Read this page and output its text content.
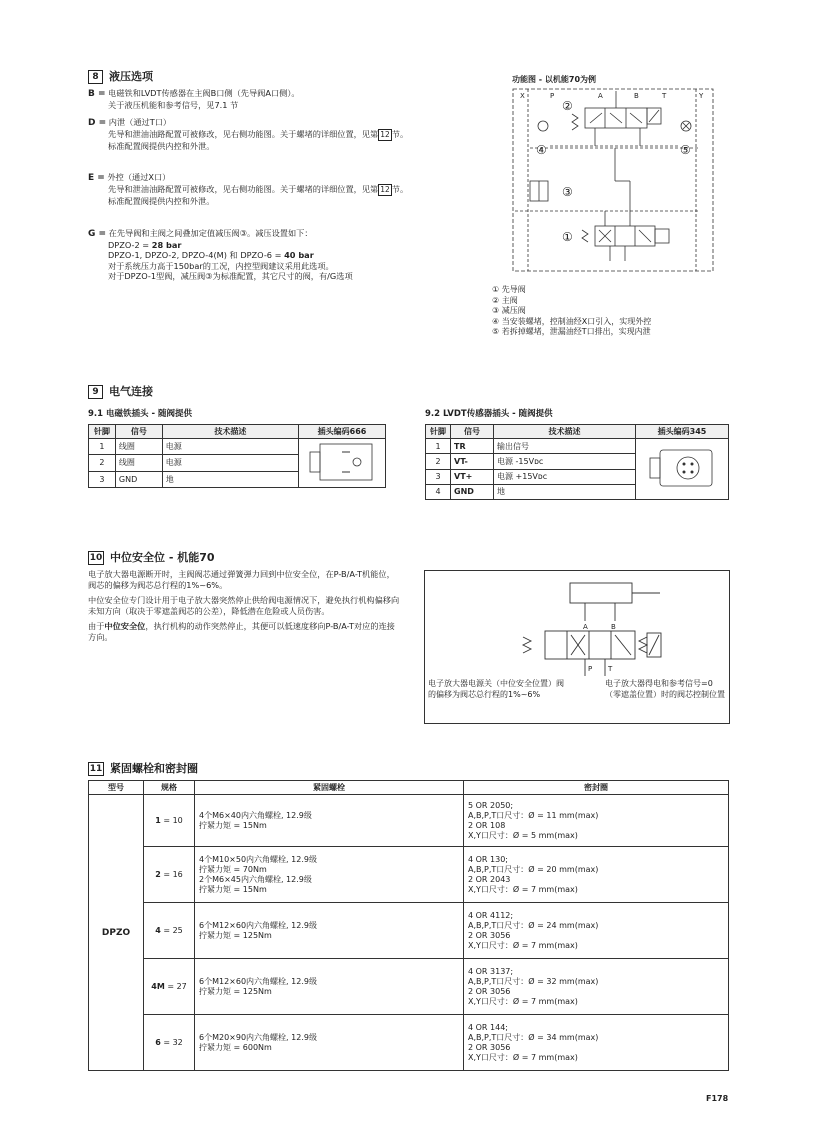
8 液压选项
B = 电磁铁和LVDT传感器在主阀B口侧（先导阀A口侧）。
关于液压机能和参考信号，见7.1 节
D = 内泄（通过T口）
先导和泄油油路配置可被修改，见右侧功能图。关于螺堵的详细位置，见第 12 节。
标准配置阀提供内控和外泄。
E = 外控（通过X口）
先导和泄油油路配置可被修改，见右侧功能图。关于螺堵的详细位置，见第 12 节。
标准配置阀提供内控和外泄。
G = 在先导阀和主阀之间叠加定值减压阀③。减压设置如下：
DPZO-2 = 28 bar
DPZO-1, DPZO-2, DPZO-4(M) 和 DPZO-6 = 40 bar
对于系统压力高于150bar的工况，内控型阀建议采用此选项。
对于DPZO-1型阀，减压阀③为标准配置，其它尺寸的阀，有/G选项
功能图 - 以机能70为例
X	P	A	B	T	Y
②
④	⑤
③
①
① 先导阀
② 主阀
③ 减压阀
④ 当安装螺堵，控制油经X口引入，实现外控
⑤ 若拆掉螺堵，泄漏油经T口排出，实现内泄
9 电气连接
9.1 电磁铁插头 - 随阀提供
针脚	信号	技术描述	插头编码666
1	线圈	电源	
2	线圈	电源	
3	GND	地	
9.2 LVDT传感器插头 - 随阀提供
针脚	信号	技术描述	插头编码345
1	TR	输出信号	
2	VT-	电源 -15Vᴅᴄ	
3	VT+	电源 +15Vᴅᴄ	
4	GND	地	
10 中位安全位 - 机能70
电子放大器电源断开时，主阀阀芯通过弹簧弹力回到中位安全位，在P-B/A-T机能位，阀芯的偏移为阀芯总行程的1%~6%。
中位安全位专门设计用于电子放大器突然停止供给阀电源情况下，避免执行机构偏移向未知方向（取决于零遮盖阀芯的公差），降低潜在危险或人员伤害。
由于中位安全位，执行机构的动作突然停止，其便可以低速度移向P-B/A-T对应的连接方向。
A	B
P T
电子放大器电源关（中位安全位置）阀的偏移为阀芯总行程的1%~6%
电子放大器得电和参考信号=0（零遮盖位置）时的阀芯控制位置
11 紧固螺栓和密封圈
型号	规格	紧固螺栓	密封圈
DPZO	1 = 10	4个M6×40内六角螺栓, 12.9级
拧紧力矩 = 15Nm	5 OR 2050;
A,B,P,T口尺寸：Ø = 11 mm(max)
2 OR 108
X,Y口尺寸：Ø = 5 mm(max)

	2 = 16	4个M10×50内六角螺栓, 12.9级
拧紧力矩 = 70Nm
2个M6×45内六角螺栓, 12.9级
拧紧力矩 = 15Nm	4 OR 130;
A,B,P,T口尺寸：Ø = 20 mm(max)
2 OR 2043
X,Y口尺寸：Ø = 7 mm(max)

	4 = 25	6个M12×60内六角螺栓, 12.9级
拧紧力矩 = 125Nm	4 OR 4112;
A,B,P,T口尺寸：Ø = 24 mm(max)
2 OR 3056
X,Y口尺寸：Ø = 7 mm(max)

	4M = 27	6个M12×60内六角螺栓, 12.9级
拧紧力矩 = 125Nm	4 OR 3137;
A,B,P,T口尺寸：Ø = 32 mm(max)
2 OR 3056
X,Y口尺寸：Ø = 7 mm(max)

	6 = 32	6个M20×90内六角螺栓, 12.9级
拧紧力矩 = 600Nm	4 OR 144;
A,B,P,T口尺寸：Ø = 34 mm(max)
2 OR 3056
X,Y口尺寸：Ø = 7 mm(max)
F178
